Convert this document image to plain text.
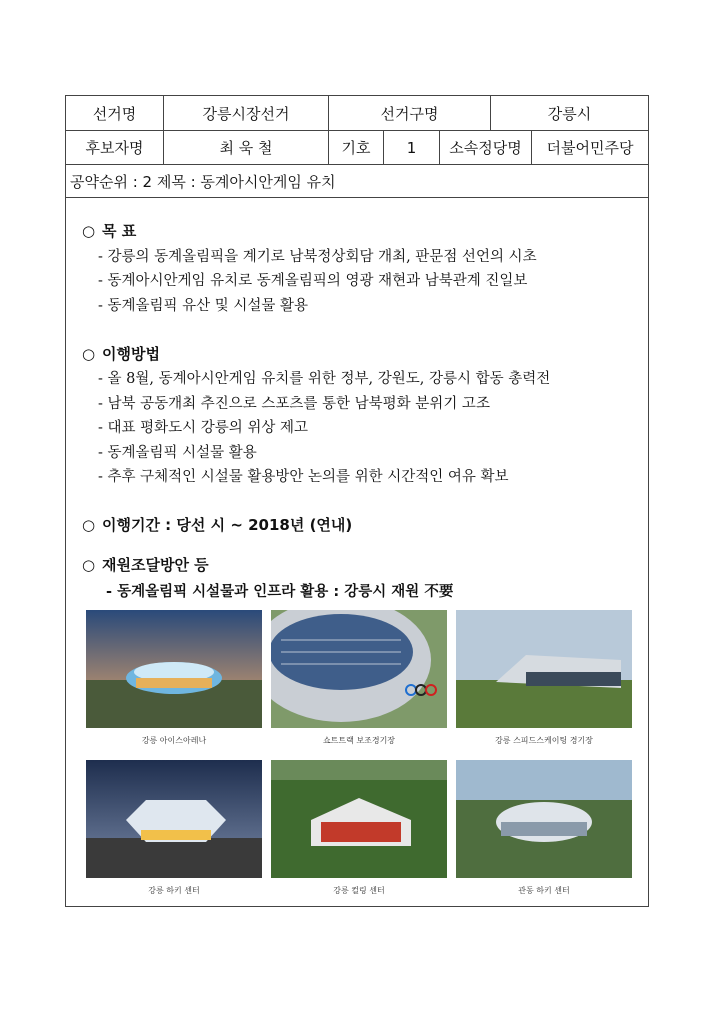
선거명	강릉시장선거	선거구명	강릉시
후보자명	최 욱 철	기호	1	소속정당명	더불어민주당
공약순위 : 2 제목 : 동계아시안게임 유치
○ 목 표
- 강릉의 동계올림픽을 계기로 남북정상회담 개최, 판문점 선언의 시초
- 동계아시안게임 유치로 동계올림픽의 영광 재현과 남북관계 진일보
- 동계올림픽 유산 및 시설물 활용
○ 이행방법
- 올 8월, 동계아시안게임 유치를 위한 정부, 강원도, 강릉시 합동 총력전
- 남북 공동개최 추진으로 스포츠를 통한 남북평화 분위기 고조
- 대표 평화도시 강릉의 위상 제고
- 동계올림픽 시설물 활용
- 추후 구체적인 시설물 활용방안 논의를 위한 시간적인 여유 확보
○ 이행기간 : 당선 시 ~ 2018년 (연내)
○ 재원조달방안 등
- 동계올림픽 시설물과 인프라 활용 : 강릉시 재원 不要
강릉 아이스아레나	쇼트트랙 보조경기장	강릉 스피드스케이팅 경기장
강릉 하키 센터	강릉 컬링 센터	관동 하키 센터
